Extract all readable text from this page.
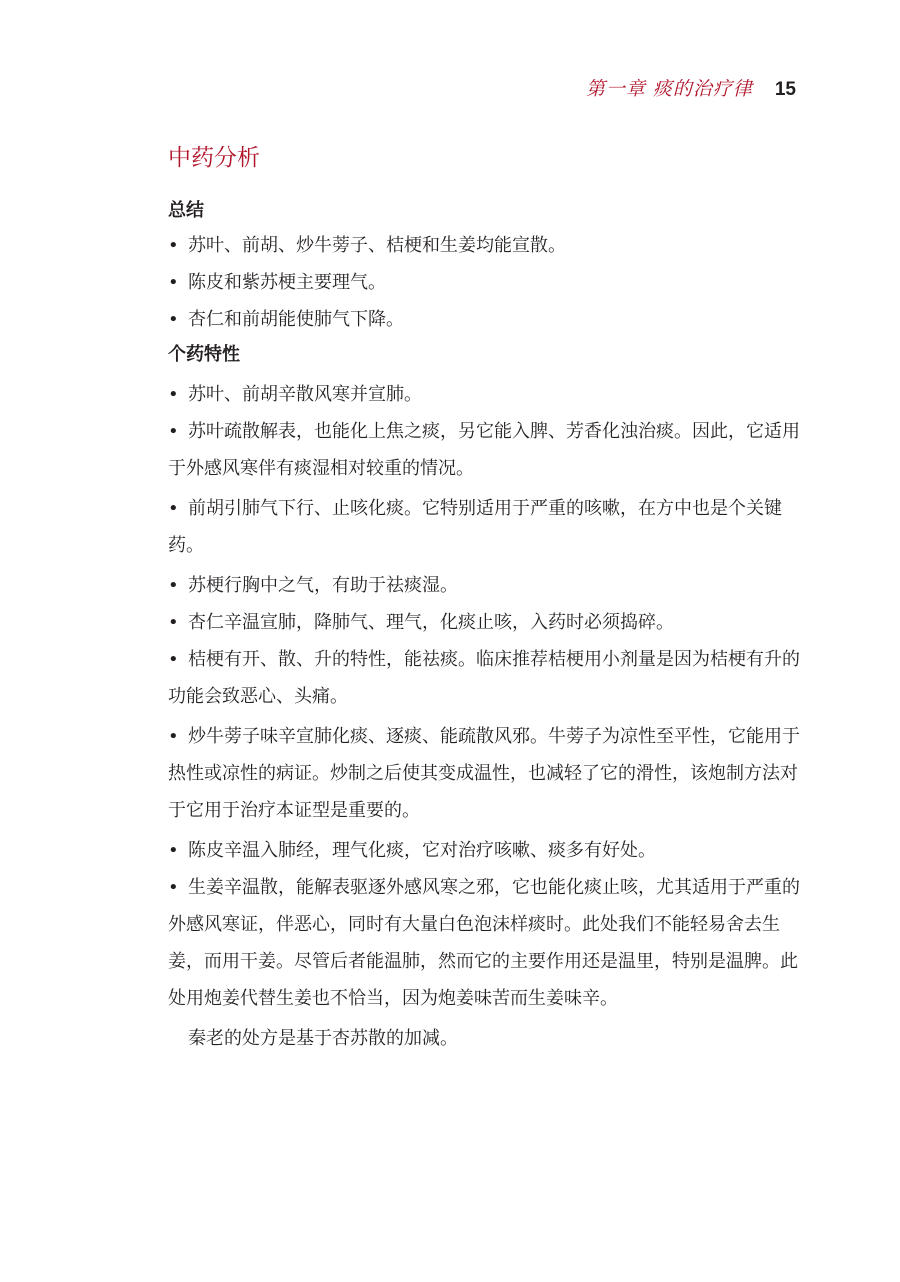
第一章 痰的治疗律 15
中药分析
总结
• 苏叶、前胡、炒牛蒡子、桔梗和生姜均能宣散。
• 陈皮和紫苏梗主要理气。
• 杏仁和前胡能使肺气下降。
个药特性
• 苏叶、前胡辛散风寒并宣肺。
• 苏叶疏散解表，也能化上焦之痰，另它能入脾、芳香化浊治痰。因此，它适用于外感风寒伴有痰湿相对较重的情况。
• 前胡引肺气下行、止咳化痰。它特别适用于严重的咳嗽，在方中也是个关键药。
• 苏梗行胸中之气，有助于祛痰湿。
• 杏仁辛温宣肺，降肺气、理气，化痰止咳，入药时必须捣碎。
• 桔梗有开、散、升的特性，能祛痰。临床推荐桔梗用小剂量是因为桔梗有升的功能会致恶心、头痛。
• 炒牛蒡子味辛宣肺化痰、逐痰、能疏散风邪。牛蒡子为凉性至平性，它能用于热性或凉性的病证。炒制之后使其变成温性，也减轻了它的滑性，该炮制方法对于它用于治疗本证型是重要的。
• 陈皮辛温入肺经，理气化痰，它对治疗咳嗽、痰多有好处。
• 生姜辛温散，能解表驱逐外感风寒之邪，它也能化痰止咳，尤其适用于严重的外感风寒证，伴恶心，同时有大量白色泡沫样痰时。此处我们不能轻易舍去生姜，而用干姜。尽管后者能温肺，然而它的主要作用还是温里，特别是温脾。此处用炮姜代替生姜也不恰当，因为炮姜味苦而生姜味辛。

秦老的处方是基于杏苏散的加减。
